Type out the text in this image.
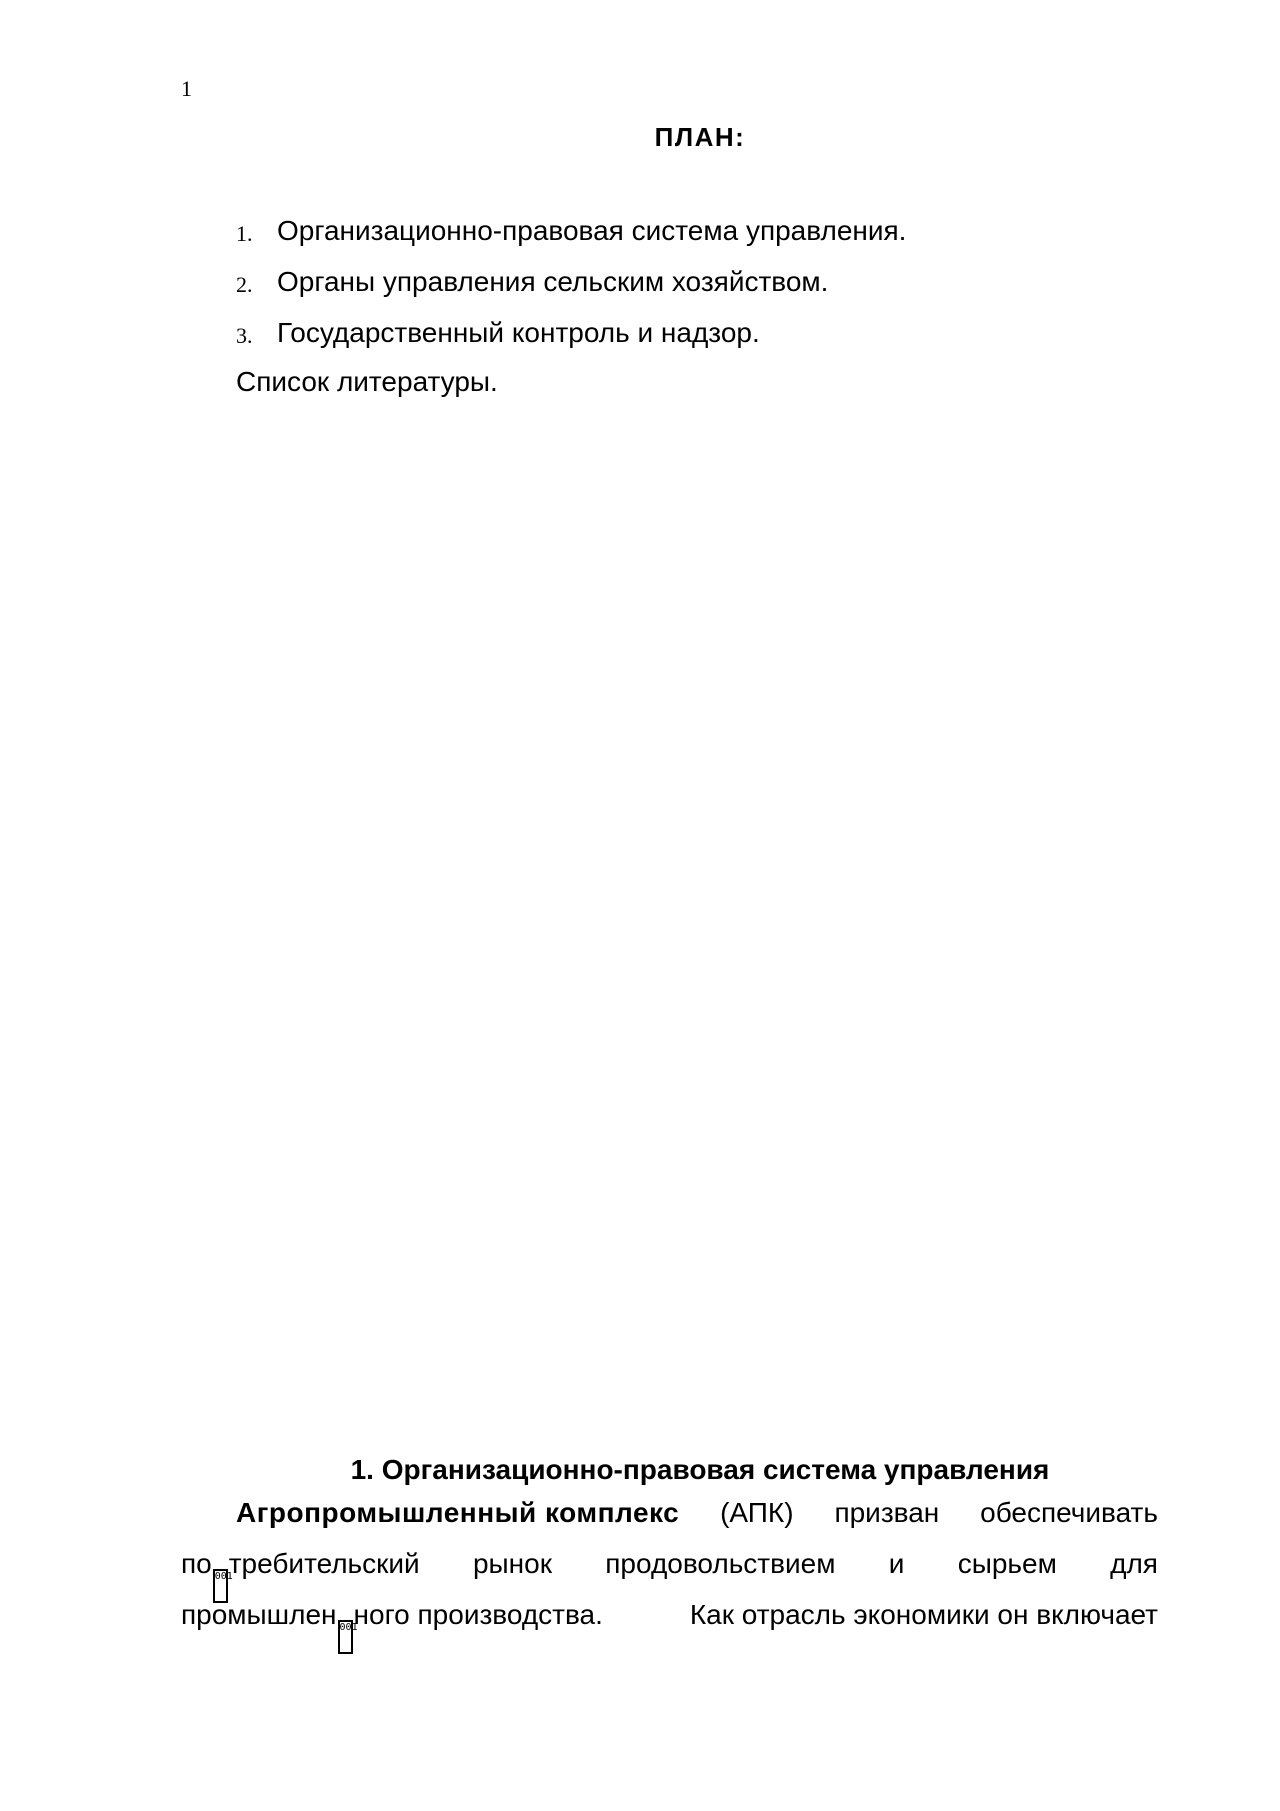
1
ПЛАН:
1. Организационно-правовая система управления.
2. Органы управления сельским хозяйством.
3. Государственный контроль и надзор.
Список литературы.
1. Организационно-правовая система управления
Агропромышленный комплекс (АПК) призван обеспечивать
по 001требительский рынок продовольствием и сырьем для
промышлен 001ного производства.	Как отрасль экономики он включает
